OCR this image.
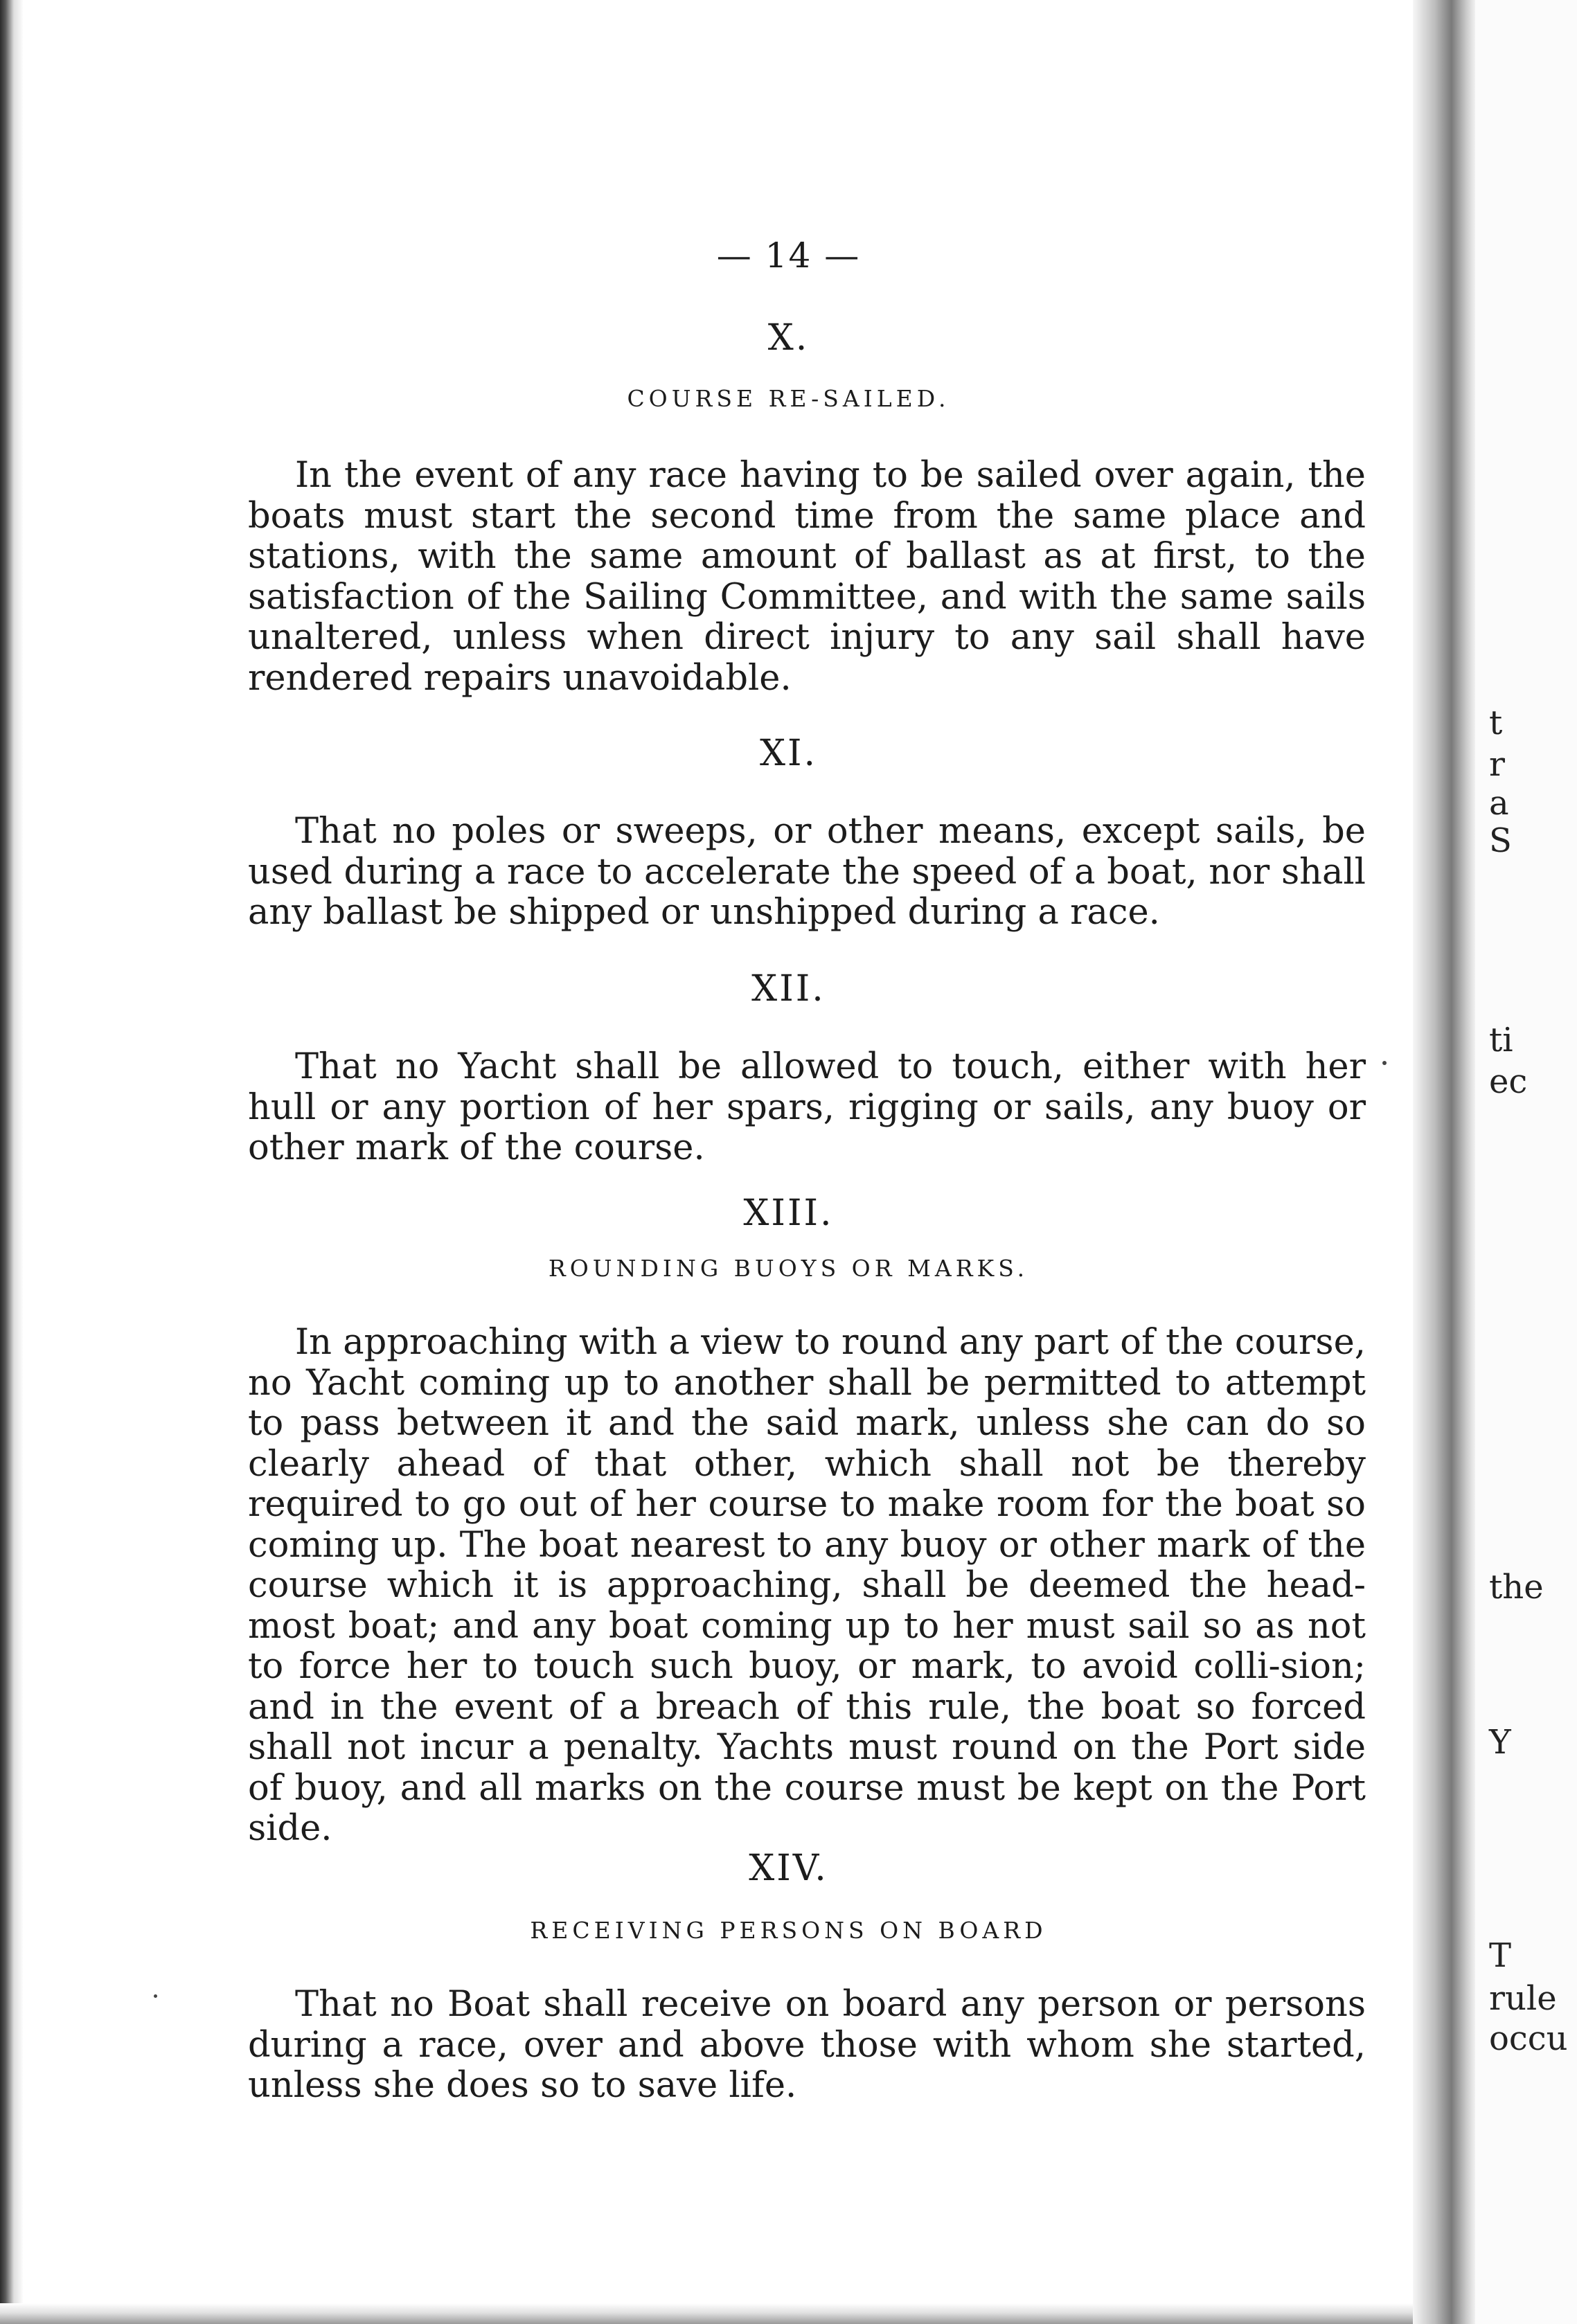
t
r
a
S
ti
ec
the
Y
T
rule
occu
— 14 —
X.
COURSE RE-SAILED.

In the event of any race having to be sailed over again, the boats must start the second time from the same place and stations, with the same amount of ballast as at first, to the satisfaction of the Sailing Committee, and with the same sails unaltered, unless when direct injury to any sail shall have rendered repairs unavoidable.

XI.

That no poles or sweeps, or other means, except sails, be used during a race to accelerate the speed of a boat, nor shall any ballast be shipped or unshipped during a race.

XII.

That no Yacht shall be allowed to touch, either with her hull or any portion of her spars, rigging or sails, any buoy or other mark of the course.

XIII.
ROUNDING BUOYS OR MARKS.

In approaching with a view to round any part of the course, no Yacht coming up to another shall be permitted to attempt to pass between it and the said mark, unless she can do so clearly ahead of that other, which shall not be thereby required to go out of her course to make room for the boat so coming up. The boat nearest to any buoy or other mark of the course which it is approaching, shall be deemed the head-most boat; and any boat coming up to her must sail so as not to force her to touch such buoy, or mark, to avoid colli-sion; and in the event of a breach of this rule, the boat so forced shall not incur a penalty. Yachts must round on the Port side of buoy, and all marks on the course must be kept on the Port side.

XIV.
RECEIVING PERSONS ON BOARD

That no Boat shall receive on board any person or persons during a race, over and above those with whom she started, unless she does so to save life.
